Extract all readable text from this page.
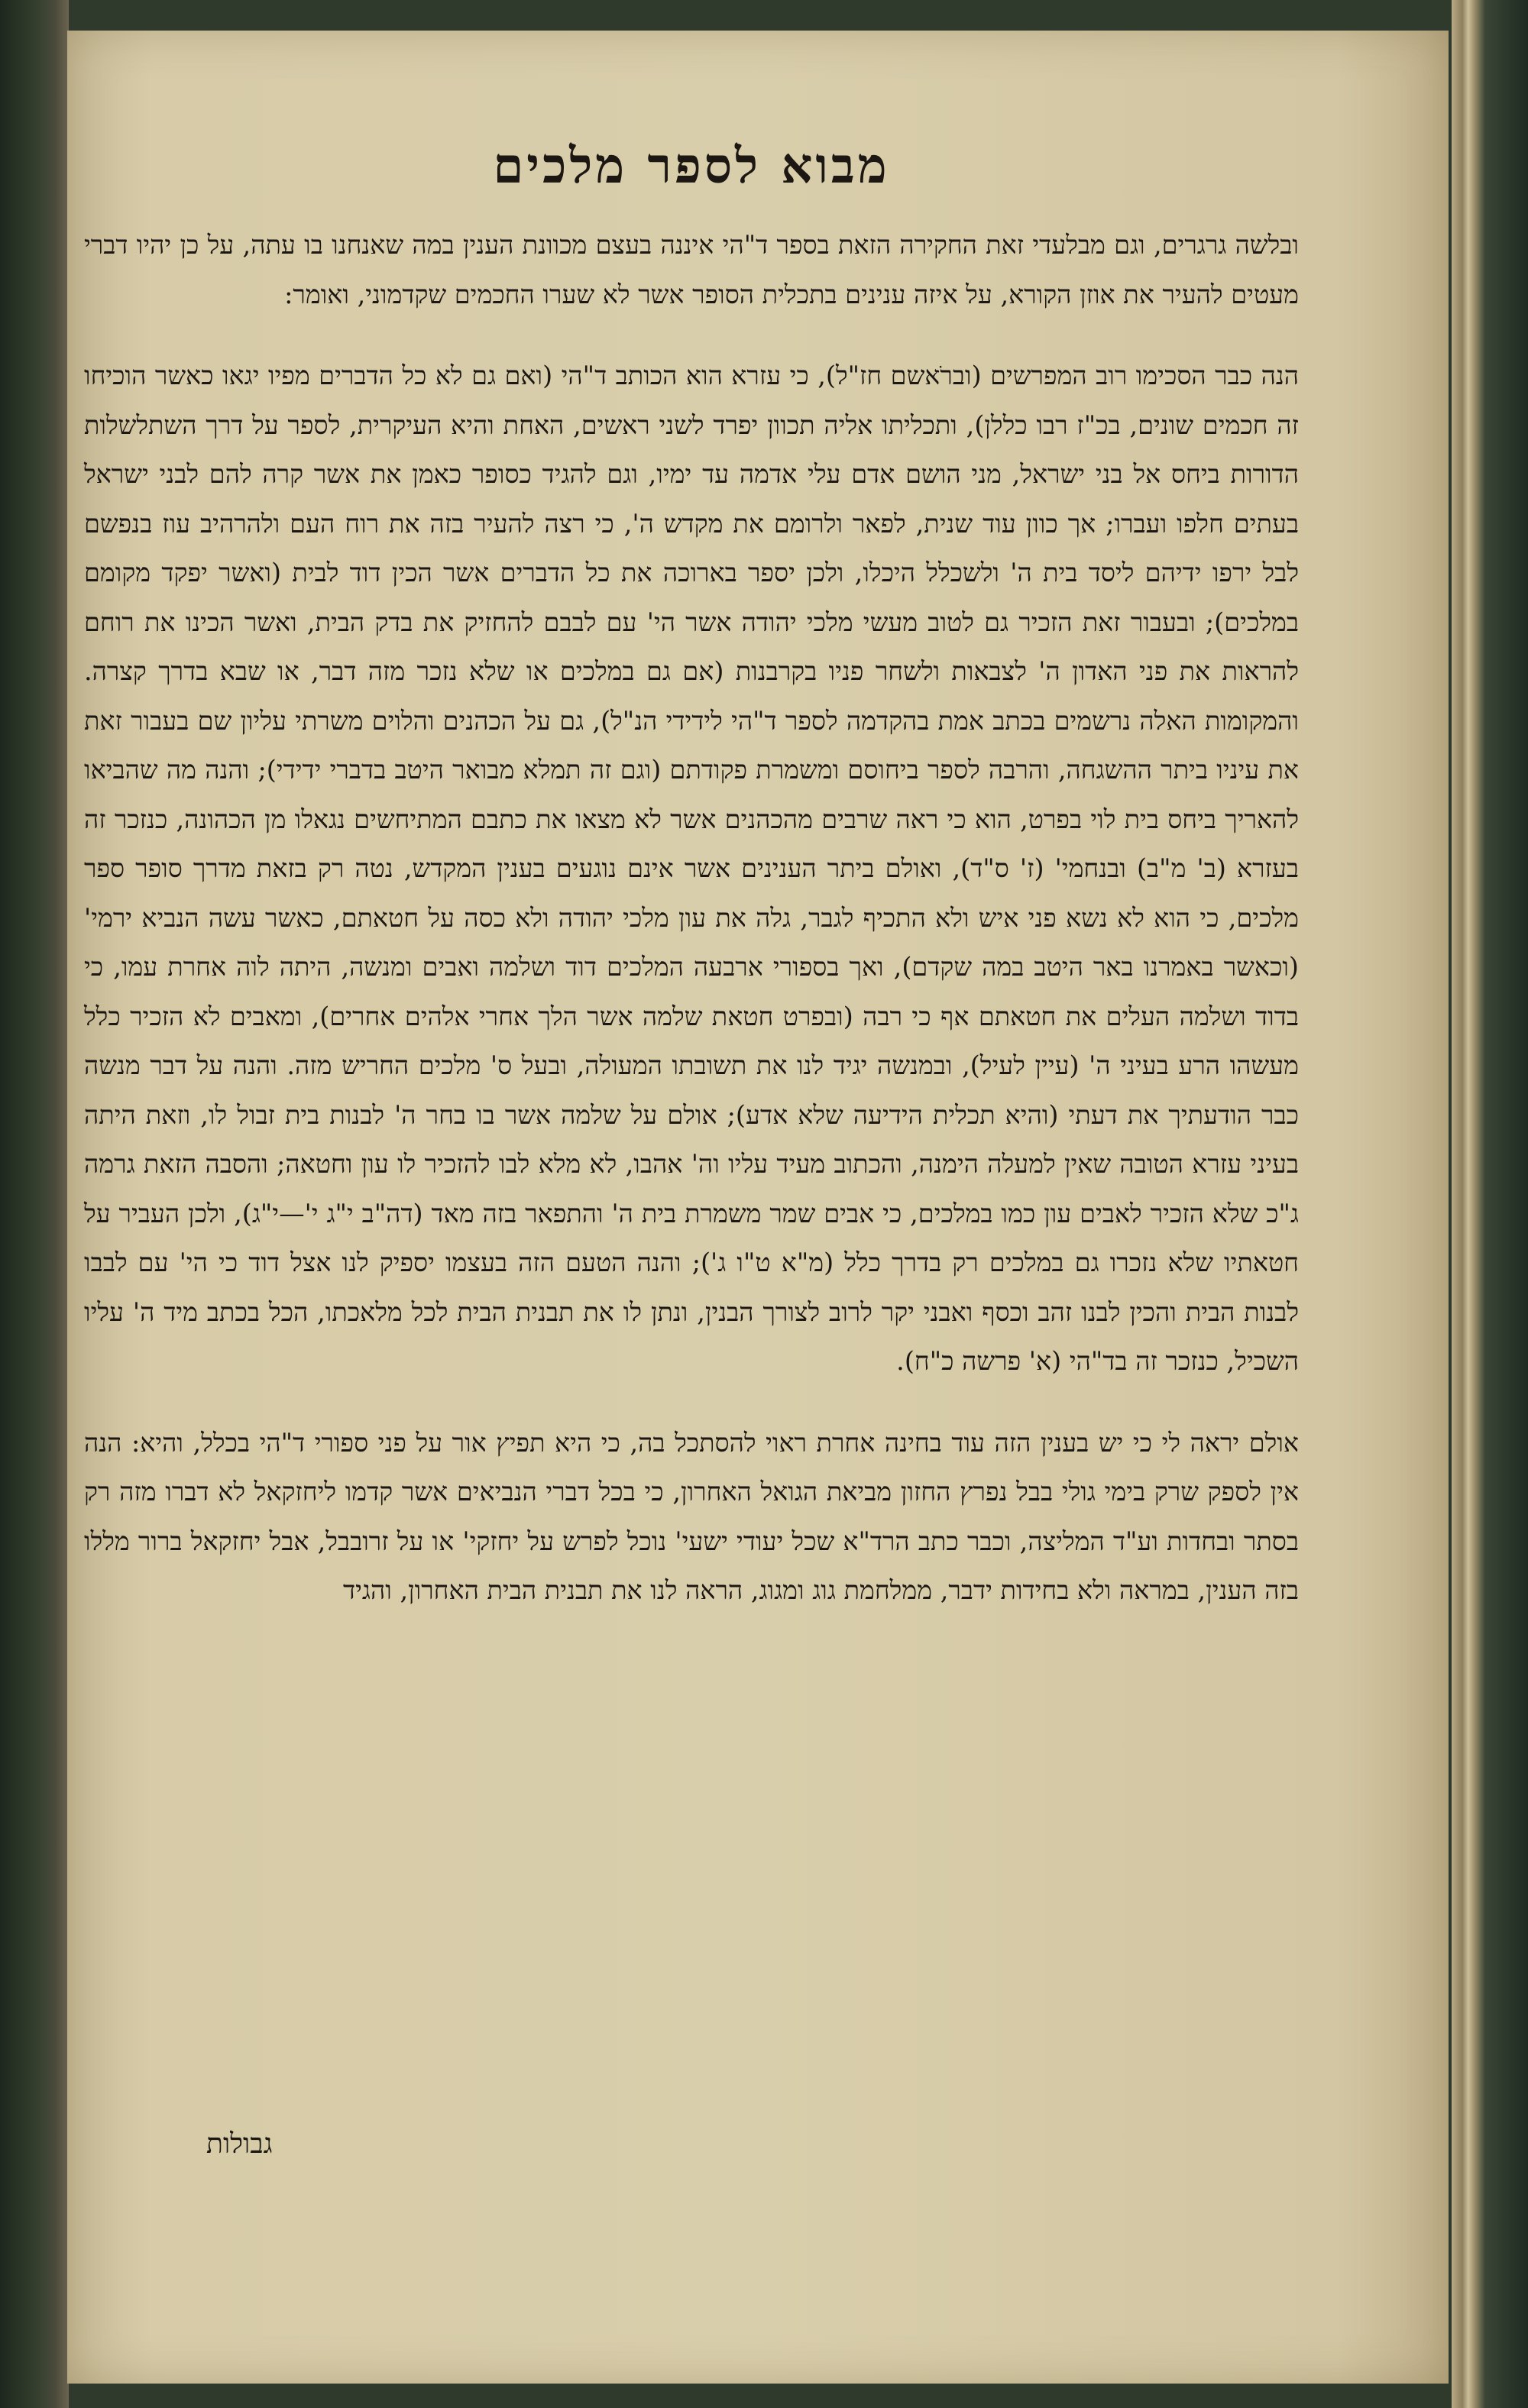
מבוא לספר מלכים

ובלשה גרגרים, וגם מבלעדי זאת החקירה הזאת בספר ד"הי איננה בעצם מכוונת הענין במה שאנחנו בו עתה, על כן יהיו דברי מעטים להעיר את אוזן הקורא, על איזה ענינים בתכלית הסופר אשר לא שערו החכמים שקדמוני, ואומר:

הנה כבר הסכימו רוב המפרשים (וברֹאשם חז"ל), כי עזרא הוא הכותב ד"הי (ואם גם לא כל הדברים מפיו יגאו כאשר הוכיחו זה חכמים שונים, בכ"ז רבו כללן), ותכליתו אליה תכוון יפרד לשני ראשים, האחת והיא העיקרית, לספר על דרך השתלשלות הדורות ביחס אל בני ישראל, מני הושם אדם עלי אדמה עד ימיו, וגם להגיד כסופר כאמן את אשר קרה להם לבני ישראל בעתים חלפו ועברו; אך כוון עוד שנית, לפאר ולרומם את מקדש ה', כי רצה להעיר בזה את רוח העם ולהרהיב עוז בנפשם לבל ירפו ידיהם ליסד בית ה' ולשכלל היכלו, ולכן יספר בארוכה את כל הדברים אשר הכין דוד לבית (ואשר יפקד מקומם במלכים); ובעבור זאת הזכיר גם לטוב מעשי מלכי יהודה אשר הי' עם לבבם להחזיק את בדק הבית, ואשר הכינו את רוחם להראות את פני האדון ה' לצבאות ולשחר פניו בקרבנות (אם גם במלכים או שלא נזכר מזה דבר, או שבא בדרך קצרה. והמקומות האלה נרשמים בכתב אמת בהקדמה לספר ד"הי לידידי הנ"ל), גם על הכהנים והלוים משרתי עליון שם בעבור זאת את עיניו ביתר ההשגחה, והרבה לספר ביחוסם ומשמרת פקודתם (וגם זה תמלא מבואר היטב בדברי ידידי); והנה מה שהביאו להאריך ביחס בית לוי בפרט, הוא כי ראה שרבים מהכהנים אשר לא מצאו את כתבם המתיחשים נגאלו מן הכהונה, כנזכר זה בעזרא (ב' מ"ב) ובנחמי' (ז' ס"ד), ואולם ביתר הענינים אשר אינם נוגעים בענין המקדש, נטה רק בזאת מדרך סופר ספר מלכים, כי הוא לא נשא פני איש ולא התכיף לגבר, גלה את עון מלכי יהודה ולא כסה על חטאתם, כאשר עשה הנביא ירמי' (וכאשר באמרנו באר היטב במה שקדם), ואך בספורי ארבעה המלכים דוד ושלמה ואבים ומנשה, היתה לוה אחרת עמו, כי בדוד ושלמה העלים את חטאתם אף כי רבה (ובפרט חטאת שלמה אשר הלך אחרי אלהים אחרים), ומאבים לא הזכיר כלל מעשהו הרע בעיני ה' (עיין לעיל), ובמנשה יגיד לנו את תשובתו המעולה, ובעל ס' מלכים החריש מזה. והנה על דבר מנשה כבר הודעתיך את דעתי (והיא תכלית הידיעה שלא אדע); אולם על שלמה אשר בו בחר ה' לבנות בית זבול לו, וזאת היתה בעיני עזרא הטובה שאין למעלה הימנה, והכתוב מעיד עליו וה' אהבו, לא מלא לבו להזכיר לו עון וחטאה; והסבה הזאת גרמה ג"כ שלא הזכיר לאבים עון כמו במלכים, כי אבים שמר משמרת בית ה' והתפאר בזה מאד (דה"ב י"ג י'—י"ג), ולכן העביר על חטאתיו שלא נזכרו גם במלכים רק בדרך כלל (מ"א ט"ו ג'); והנה הטעם הזה בעצמו יספיק לנו אצל דוד כי הי' עם לבבו לבנות הבית והכין לבנו זהב וכסף ואבני יקר לרוב לצורך הבנין, ונתן לו את תבנית הבית לכל מלאכתו, הכל בכתב מיד ה' עליו השכיל, כנזכר זה בד"הי (א' פרשה כ"ח).

אולם יראה לי כי יש בענין הזה עוד בחינה אחרת ראוי להסתכל בה, כי היא תפיץ אור על פני ספורי ד"הי בכלל, והיא: הנה אין לספק שרק בימי גולי בבל נפרץ החזון מביאת הגואל האחרון, כי בכל דברי הנביאים אשר קדמו ליחזקאל לא דברו מזה רק בסתר ובחדות וע"ד המליצה, וכבר כתב הרד"א שכל יעודי ישעי' נוכל לפרש על יחזקי' או על זרובבל, אבל יחזקאל ברור מללו בזה הענין, במראה ולא בחידות ידבר, ממלחמת גוג ומגוג, הראה לנו את תבנית הבית האחרון, והגיד

גבולות
